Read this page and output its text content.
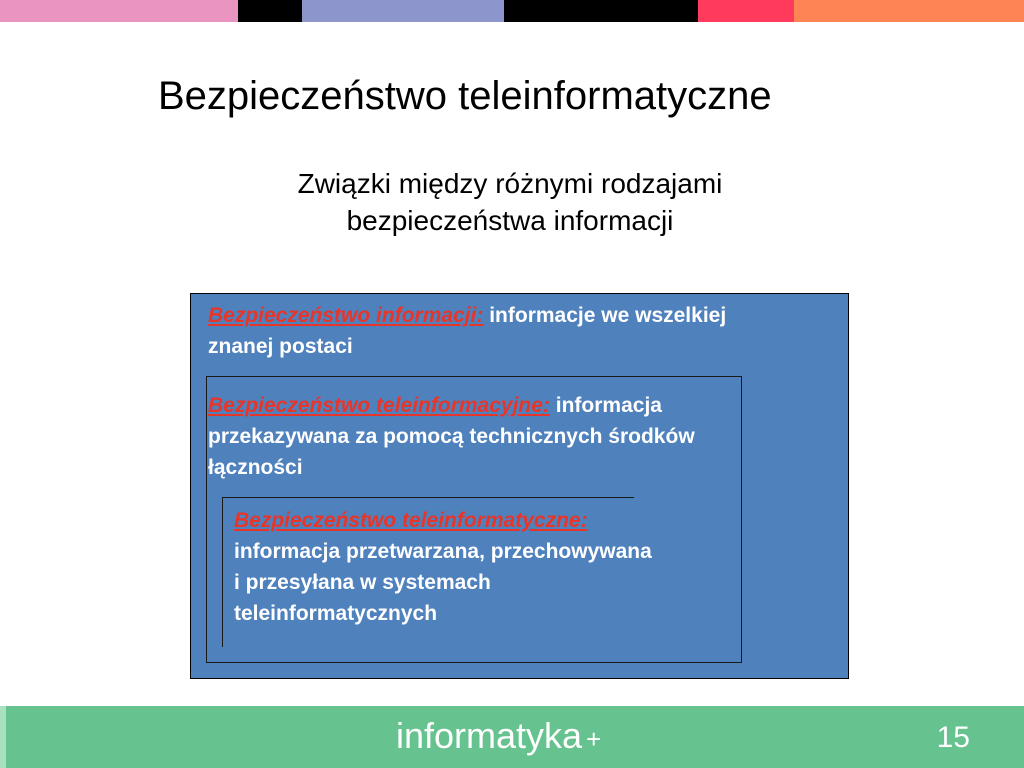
Bezpieczeństwo teleinformatyczne
Związki między różnymi rodzajami
bezpieczeństwa informacji
Bezpieczeństwo informacji: informacje we wszelkiej znanej postaci
Bezpieczeństwo teleinformacyjne: informacja przekazywana za pomocą technicznych środków łączności
Bezpieczeństwo teleinformatyczne: informacja przetwarzana, przechowywana i przesyłana w systemach teleinformatycznych
informatyka +	15
